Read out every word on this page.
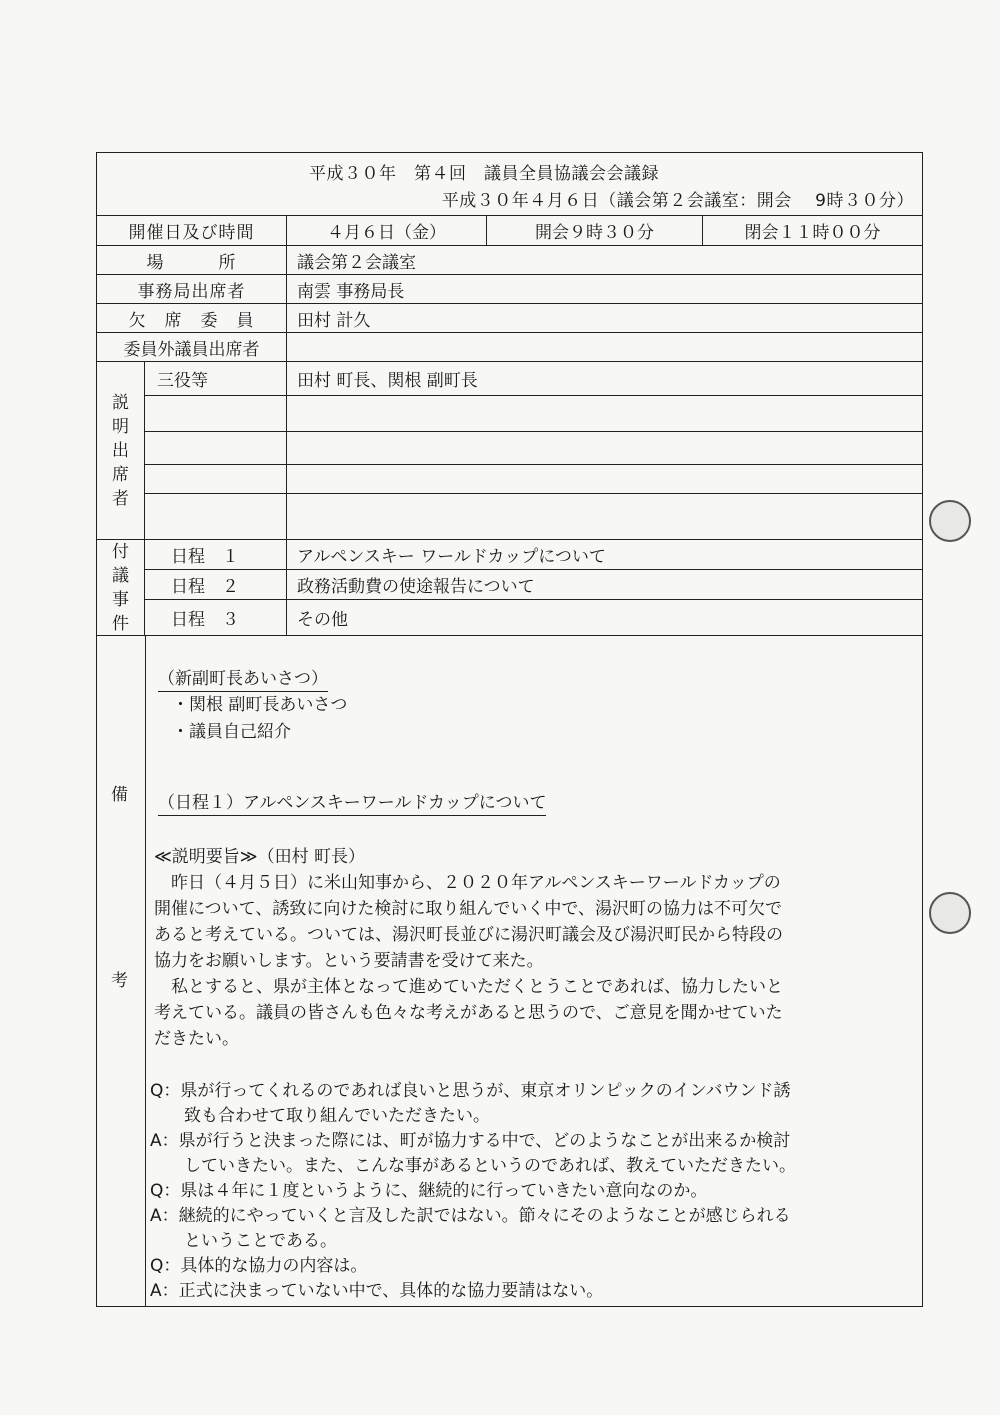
平成３０年　第４回　議員全員協議会会議録
平成３０年４月６日（議会第２会議室：開会　 9時３０分）
開催日及び時間	４月６日（金）	開会９時３０分	閉会１１時００分
場　　　所	議会第２会議室
事務局出席者	南雲 事務局長
欠　席　委　員	田村 計久
委員外議員出席者
説
明
出
席
者
三役等	田村 町長、関根 副町長
付
議
事
件
日程　１	アルペンスキー ワールドカップについて
日程　２	政務活動費の使途報告について
日程　３	その他
備
考
（新副町長あいさつ）
・関根 副町長あいさつ
・議員自己紹介
（日程１）アルペンスキーワールドカップについて
≪説明要旨≫（田村 町長）
　昨日（４月５日）に米山知事から、２０２０年アルペンスキーワールドカップの
開催について、誘致に向けた検討に取り組んでいく中で、湯沢町の協力は不可欠で
あると考えている。ついては、湯沢町長並びに湯沢町議会及び湯沢町民から特段の
協力をお願いします。という要請書を受けて来た。
　私とすると、県が主体となって進めていただくとうことであれば、協力したいと
考えている。議員の皆さんも色々な考えがあると思うので、ご意見を聞かせていた
だきたい。
Q：県が行ってくれるのであれば良いと思うが、東京オリンピックのインバウンド誘
　　致も合わせて取り組んでいただきたい。
A：県が行うと決まった際には、町が協力する中で、どのようなことが出来るか検討
　　していきたい。また、こんな事があるというのであれば、教えていただきたい。
Q：県は４年に１度というように、継続的に行っていきたい意向なのか。
A：継続的にやっていくと言及した訳ではない。節々にそのようなことが感じられる
　　ということである。
Q：具体的な協力の内容は。
A：正式に決まっていない中で、具体的な協力要請はない。
